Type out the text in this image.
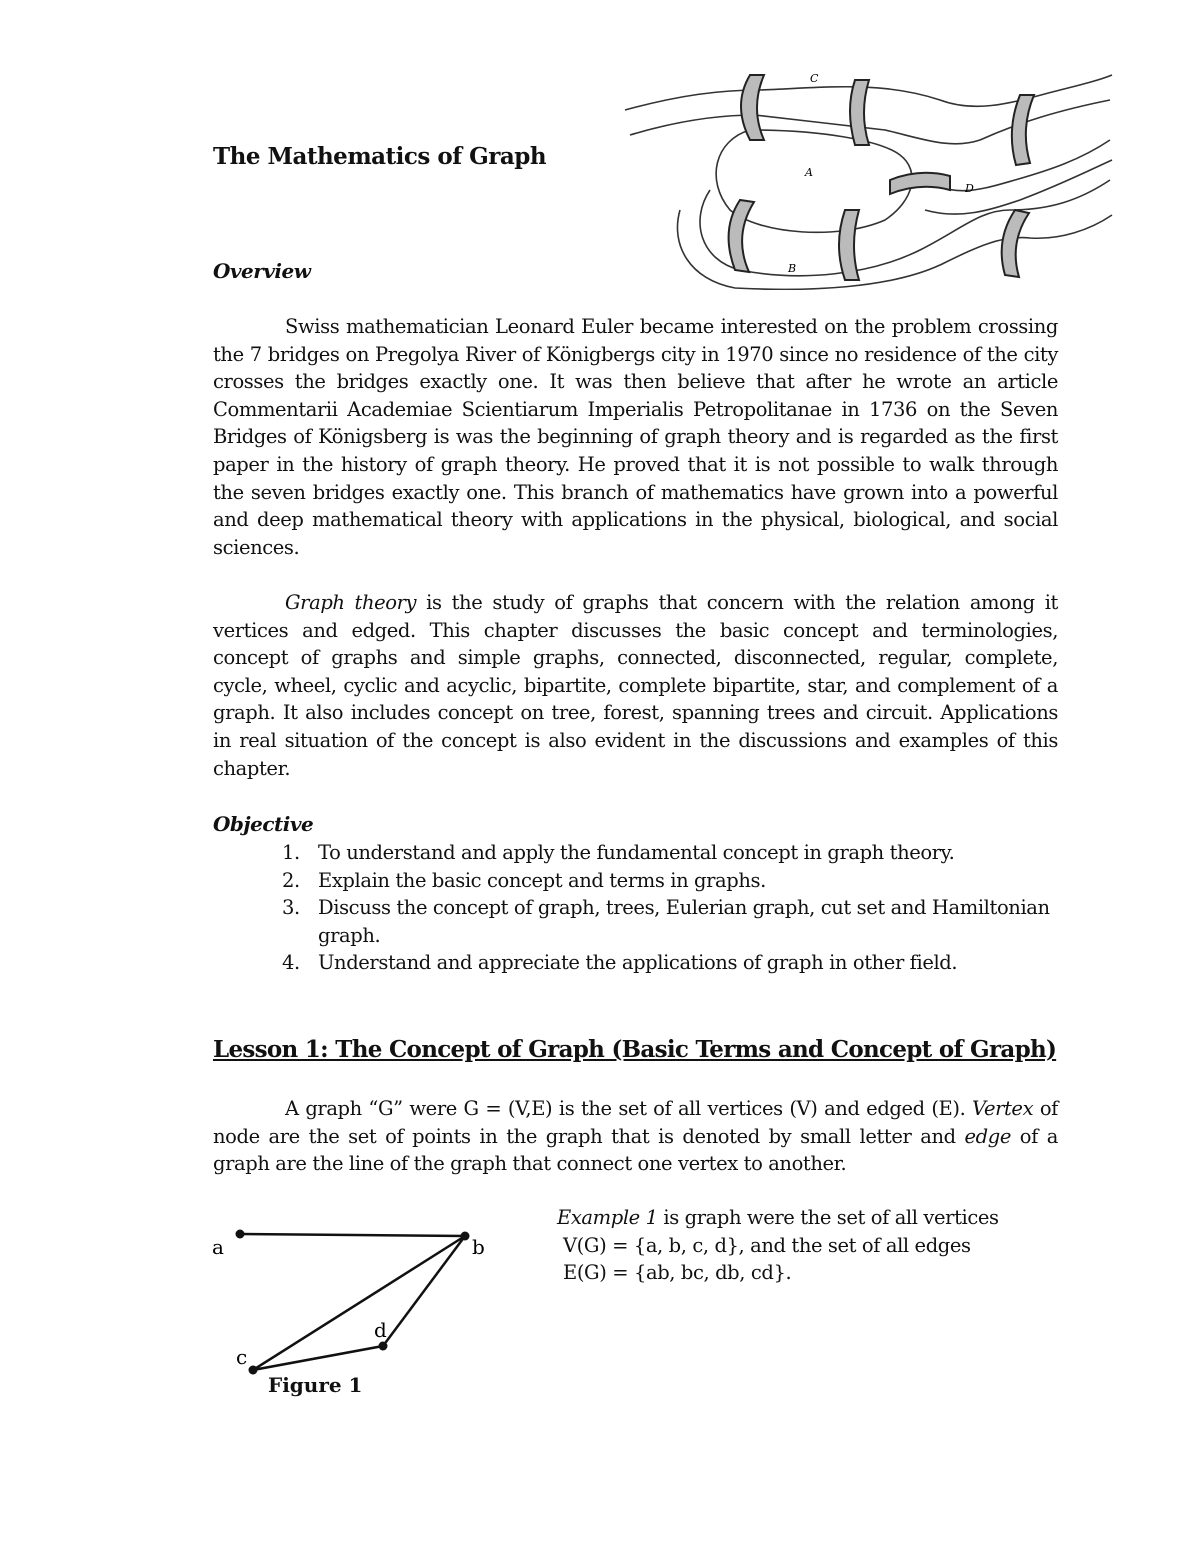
C
A
D
B
The Mathematics of Graph
Overview
Swiss mathematician Leonard Euler became interested on the problem crossing the 7 bridges on Pregolya River of Königbergs city in 1970 since no residence of the city crosses the bridges exactly one. It was then believe that after he wrote an article Commentarii Academiae Scientiarum Imperialis Petropolitanae in 1736 on the Seven Bridges of Königsberg is was the beginning of graph theory and is regarded as the first paper in the history of graph theory. He proved that it is not possible to walk through the seven bridges exactly one. This branch of mathematics have grown into a powerful and deep mathematical theory with applications in the physical, biological, and social sciences.
Graph theory is the study of graphs that concern with the relation among it vertices and edged. This chapter discusses the basic concept and terminologies, concept of graphs and simple graphs, connected, disconnected, regular, complete, cycle, wheel, cyclic and acyclic, bipartite, complete bipartite, star, and complement of a graph. It also includes concept on tree, forest, spanning trees and circuit. Applications in real situation of the concept is also evident in the discussions and examples of this chapter.
Objective
1. To understand and apply the fundamental concept in graph theory.
2. Explain the basic concept and terms in graphs.
3. Discuss the concept of graph, trees, Eulerian graph, cut set and Hamiltonian graph.
4. Understand and appreciate the applications of graph in other field.
Lesson 1: The Concept of Graph (Basic Terms and Concept of Graph)
A graph “G” were G = (V,E) is the set of all vertices (V) and edged (E). Vertex of node are the set of points in the graph that is denoted by small letter and edge of a graph are the line of the graph that connect one vertex to another.
a	b
c
d
Figure 1
Example 1 is graph were the set of all vertices
V(G) = {a, b, c, d}, and the set of all edges
E(G) = {ab, bc, db, cd}.
